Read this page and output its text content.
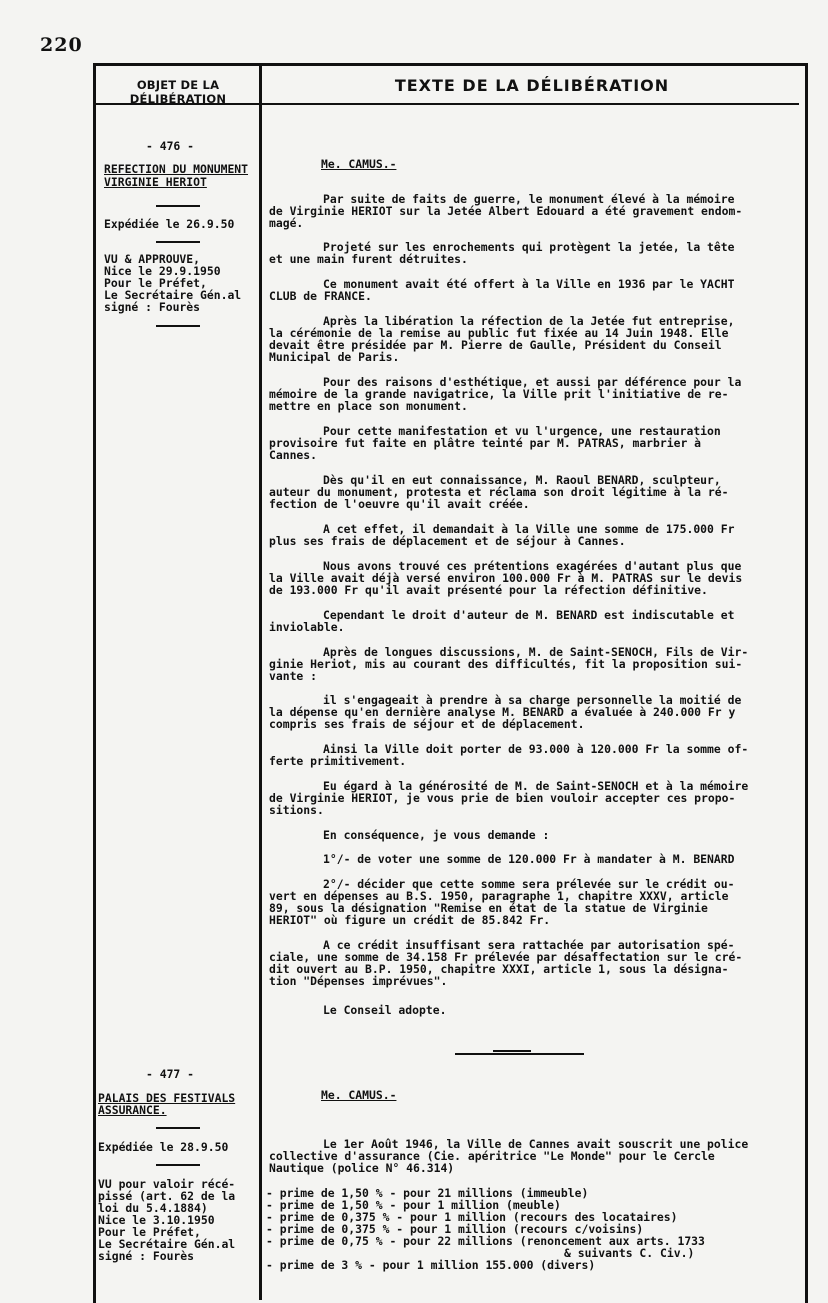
220
OBJET DE LA DÉLIBÉRATION
TEXTE DE LA DÉLIBÉRATION
- 476 -
REFECTION DU MONUMENT
VIRGINIE HERIOT
Expédiée le 26.9.50
VU & APPROUVE,
Nice le 29.9.1950
Pour le Préfet,
Le Secrétaire Gén.al
signé : Fourès
- 477 -
PALAIS DES FESTIVALS
ASSURANCE.
Expédiée le 28.9.50
VU pour valoir récé-
pissé (art. 62 de la
loi du 5.4.1884)
Nice le 3.10.1950
Pour le Préfet,
Le Secrétaire Gén.al
signé : Fourès
Me. CAMUS.-
Par suite de faits de guerre, le monument élevé à la mémoire
de Virginie HERIOT sur la Jetée Albert Edouard a été gravement endom-
magé.
Projeté sur les enrochements qui protègent la jetée, la tête
et une main furent détruites.
Ce monument avait été offert à la Ville en 1936 par le YACHT
CLUB de FRANCE.
Après la libération la réfection de la Jetée fut entreprise,
la cérémonie de la remise au public fut fixée au 14 Juin 1948. Elle
devait être présidée par M. Pierre de Gaulle, Président du Conseil
Municipal de Paris.
Pour des raisons d'esthétique, et aussi par déférence pour la
mémoire de la grande navigatrice, la Ville prit l'initiative de re-
mettre en place son monument.
Pour cette manifestation et vu l'urgence, une restauration
provisoire fut faite en plâtre teinté par M. PATRAS, marbrier à
Cannes.
Dès qu'il en eut connaissance, M. Raoul BENARD, sculpteur,
auteur du monument, protesta et réclama son droit légitime à la ré-
fection de l'oeuvre qu'il avait créée.
A cet effet, il demandait à la Ville une somme de 175.000 Fr
plus ses frais de déplacement et de séjour à Cannes.
Nous avons trouvé ces prétentions exagérées d'autant plus que
la Ville avait déjà versé environ 100.000 Fr à M. PATRAS sur le devis
de 193.000 Fr qu'il avait présenté pour la réfection définitive.
Cependant le droit d'auteur de M. BENARD est indiscutable et
inviolable.
Après de longues discussions, M. de Saint-SENOCH, Fils de Vir-
ginie Heriot, mis au courant des difficultés, fit la proposition sui-
vante :
il s'engageait à prendre à sa charge personnelle la moitié de
la dépense qu'en dernière analyse M. BENARD a évaluée à 240.000 Fr y
compris ses frais de séjour et de déplacement.
Ainsi la Ville doit porter de 93.000 à 120.000 Fr la somme of-
ferte primitivement.
Eu égard à la générosité de M. de Saint-SENOCH et à la mémoire
de Virginie HERIOT, je vous prie de bien vouloir accepter ces propo-
sitions.
En conséquence, je vous demande :
1°/- de voter une somme de 120.000 Fr à mandater à M. BENARD
2°/- décider que cette somme sera prélevée sur le crédit ou-
vert en dépenses au B.S. 1950, paragraphe 1, chapitre XXXV, article
89, sous la désignation "Remise en état de la statue de Virginie
HERIOT" où figure un crédit de 85.842 Fr.
A ce crédit insuffisant sera rattachée par autorisation spé-
ciale, une somme de 34.158 Fr prélevée par désaffectation sur le cré-
dit ouvert au B.P. 1950, chapitre XXXI, article 1, sous la désigna-
tion "Dépenses imprévues".
Le Conseil adopte.
Me. CAMUS.-
Le 1er Août 1946, la Ville de Cannes avait souscrit une police
collective d'assurance (Cie. apéritrice "Le Monde" pour le Cercle
Nautique (police N° 46.314)
- prime de 1,50 % - pour 21 millions (immeuble)
- prime de 1,50 % - pour 1 million (meuble)
- prime de 0,375 % - pour 1 million (recours des locataires)
- prime de 0,375 % - pour 1 million (recours c/voisins)
- prime de 0,75 % - pour 22 millions (renoncement aux arts. 1733
& suivants C. Civ.)
- prime de 3 % - pour 1 million 155.000 (divers)
